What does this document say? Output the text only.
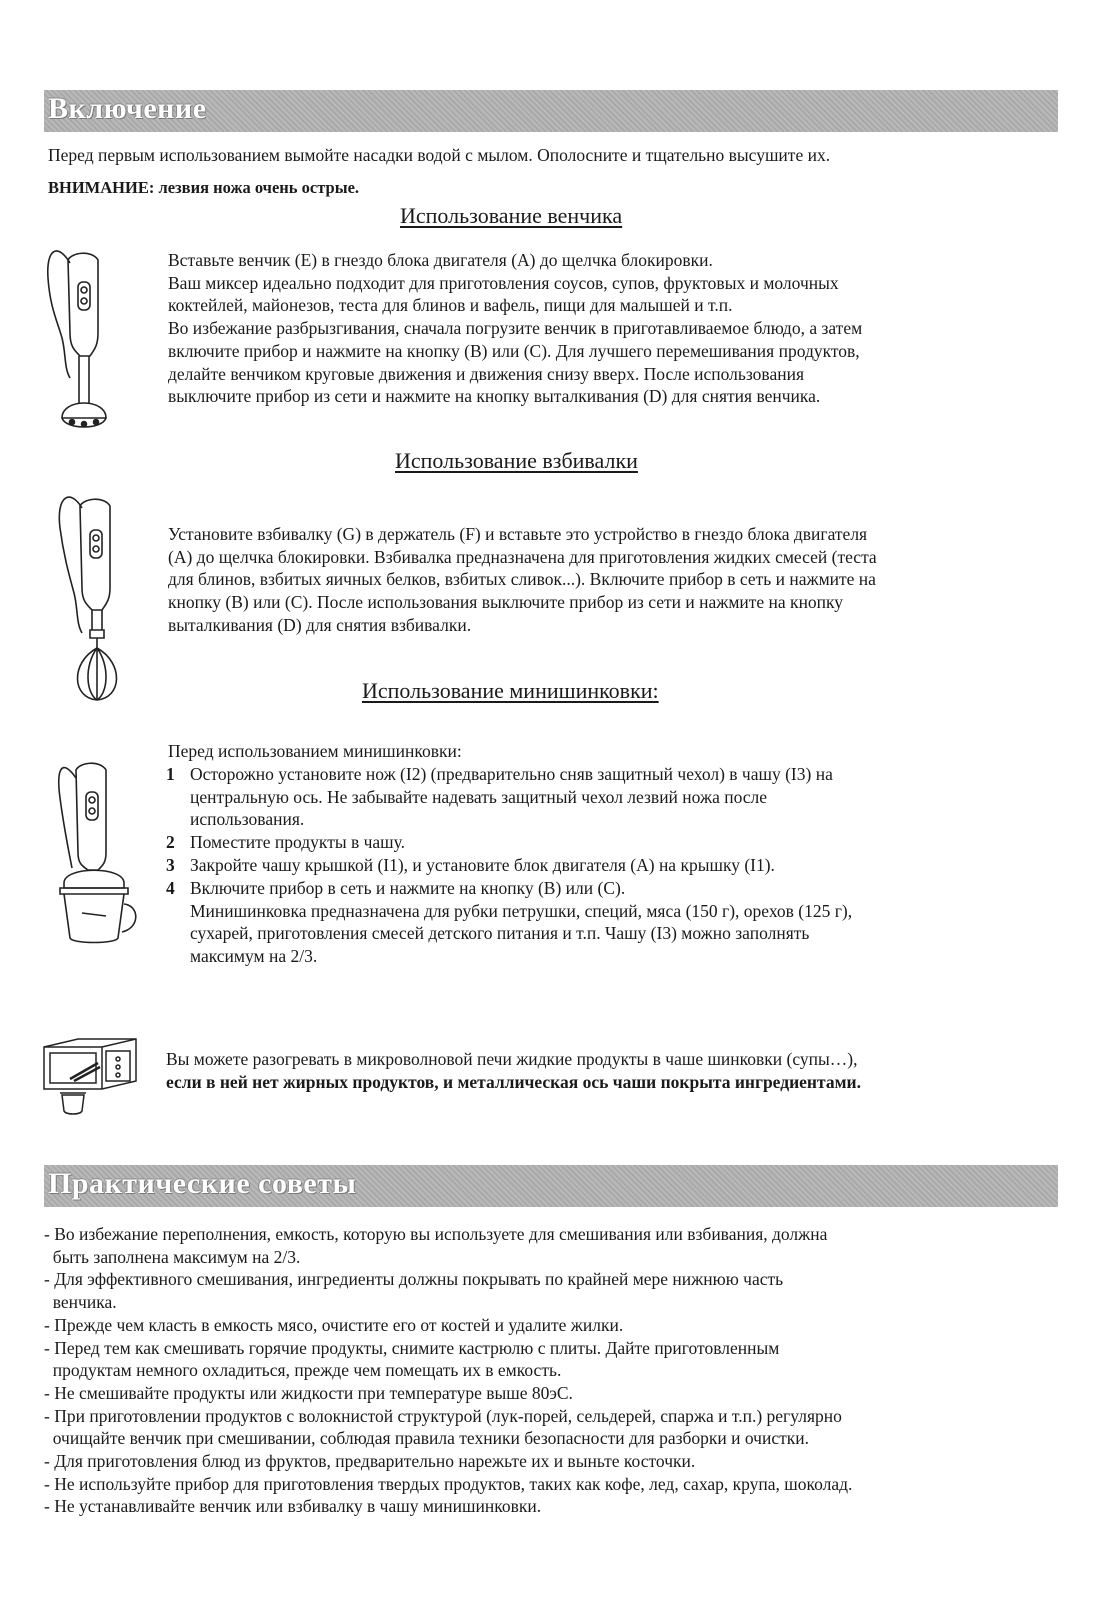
Включение
Перед первым использованием вымойте насадки водой с мылом. Ополосните и тщательно высушите их.
ВНИМАНИЕ: лезвия ножа очень острые.
Использование венчика
Вставьте венчик (E) в гнездо блока двигателя (A) до щелчка блокировки.
Ваш миксер идеально подходит для приготовления соусов, супов, фруктовых и молочных
коктейлей, майонезов, теста для блинов и вафель, пищи для малышей и т.п.
Во избежание разбрызгивания, сначала погрузите венчик в приготавливаемое блюдо, а затем
включите прибор и нажмите на кнопку (B) или (C). Для лучшего перемешивания продуктов,
делайте венчиком круговые движения и движения снизу вверх. После использования
выключите прибор из сети и нажмите на кнопку выталкивания (D) для снятия венчика.
Использование взбивалки
Установите взбивалку (G) в держатель (F) и вставьте это устройство в гнездо блока двигателя
(A) до щелчка блокировки. Взбивалка предназначена для приготовления жидких смесей (теста
для блинов, взбитых яичных белков, взбитых сливок...). Включите прибор в сеть и нажмите на
кнопку (B) или (C). После использования выключите прибор из сети и нажмите на кнопку
выталкивания (D) для снятия взбивалки.
Использование минишинковки:
Перед использованием минишинковки:
1 Осторожно установите нож (I2) (предварительно сняв защитный чехол) в чашу (I3) на
центральную ось. Не забывайте надевать защитный чехол лезвий ножа после
использования.
2 Поместите продукты в чашу.
3 Закройте чашу крышкой (I1), и установите блок двигателя (A) на крышку (I1).
4 Включите прибор в сеть и нажмите на кнопку (B) или (C).
Минишинковка предназначена для рубки петрушки, специй, мяса (150 г), орехов (125 г),
сухарей, приготовления смесей детского питания и т.п. Чашу (I3) можно заполнять
максимум на 2/3.
Вы можете разогревать в микроволновой печи жидкие продукты в чаше шинковки (супы…),
если в ней нет жирных продуктов, и металлическая ось чаши покрыта ингредиентами.
Практические советы
- Во избежание переполнения, емкость, которую вы используете для смешивания или взбивания, должна
быть заполнена максимум на 2/3.
- Для эффективного смешивания, ингредиенты должны покрывать по крайней мере нижнюю часть
венчика.
- Прежде чем класть в емкость мясо, очистите его от костей и удалите жилки.
- Перед тем как смешивать горячие продукты, снимите кастрюлю с плиты. Дайте приготовленным
продуктам немного охладиться, прежде чем помещать их в емкость.
- Не смешивайте продукты или жидкости при температуре выше 80эС.
- При приготовлении продуктов с волокнистой структурой (лук-порей, сельдерей, спаржа и т.п.) регулярно
очищайте венчик при смешивании, соблюдая правила техники безопасности для разборки и очистки.
- Для приготовления блюд из фруктов, предварительно нарежьте их и выньте косточки.
- Не используйте прибор для приготовления твердых продуктов, таких как кофе, лед, сахар, крупа, шоколад.
- Не устанавливайте венчик или взбивалку в чашу минишинковки.
